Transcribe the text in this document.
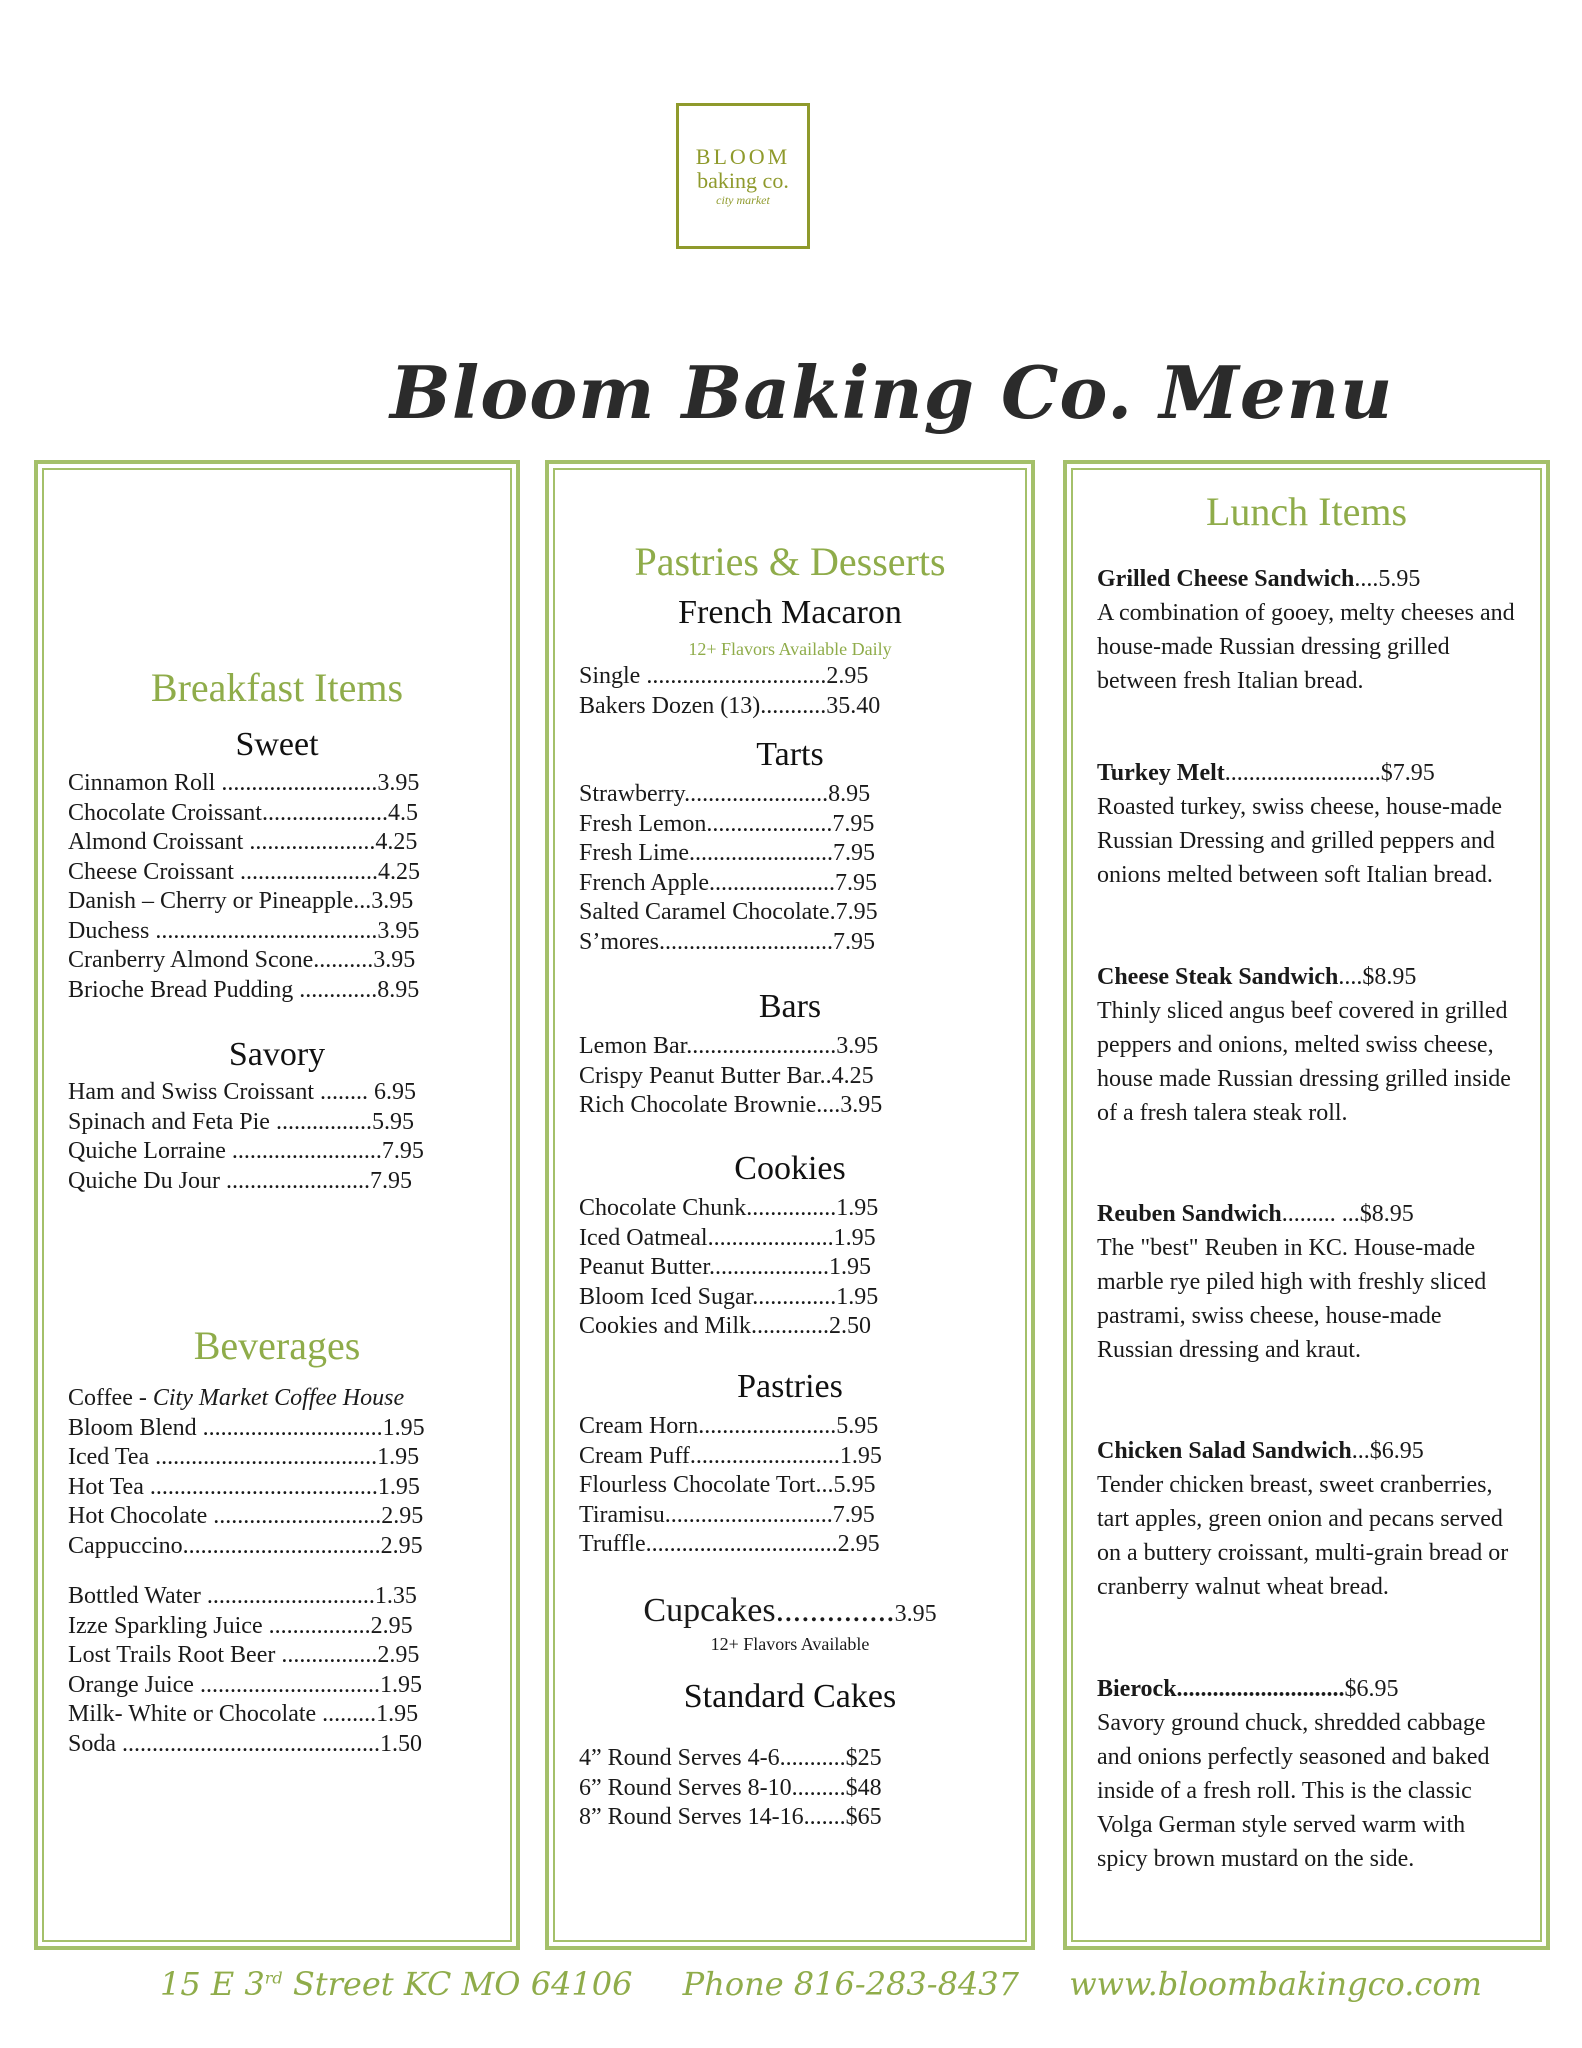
BLOOM
baking co.
city market
Bloom Baking Co. Menu
Breakfast Items
Sweet
Cinnamon Roll ..........................3.95
Chocolate Croissant.....................4.5
Almond Croissant .....................4.25
Cheese Croissant .......................4.25
Danish – Cherry or Pineapple...3.95
Duchess .....................................3.95
Cranberry Almond Scone..........3.95
Brioche Bread Pudding .............8.95
Savory
Ham and Swiss Croissant ........ 6.95
Spinach and Feta Pie ................5.95
Quiche Lorraine .........................7.95
Quiche Du Jour ........................7.95
Beverages
Coffee - City Market Coffee House
Bloom Blend ..............................1.95
Iced Tea .....................................1.95
Hot Tea ......................................1.95
Hot Chocolate ............................2.95
Cappuccino.................................2.95
Bottled Water ............................1.35
Izze Sparkling Juice .................2.95
Lost Trails Root Beer ................2.95
Orange Juice ..............................1.95
Milk- White or Chocolate .........1.95
Soda ...........................................1.50
Pastries & Desserts
French Macaron
12+ Flavors Available Daily
Single ..............................2.95
Bakers Dozen (13)...........35.40
Tarts
Strawberry........................8.95
Fresh Lemon.....................7.95
Fresh Lime........................7.95
French Apple.....................7.95
Salted Caramel Chocolate.7.95
S’mores.............................7.95
Bars
Lemon Bar.........................3.95
Crispy Peanut Butter Bar..4.25
Rich Chocolate Brownie....3.95
Cookies
Chocolate Chunk...............1.95
Iced Oatmeal.....................1.95
Peanut Butter....................1.95
Bloom Iced Sugar..............1.95
Cookies and Milk.............2.50
Pastries
Cream Horn.......................5.95
Cream Puff.........................1.95
Flourless Chocolate Tort...5.95
Tiramisu............................7.95
Truffle................................2.95
Cupcakes..............3.95
12+ Flavors Available
Standard Cakes
4” Round Serves 4-6...........$25
6” Round Serves 8-10.........$48
8” Round Serves 14-16.......$65
Lunch Items
Grilled Cheese Sandwich....5.95
A combination of gooey, melty cheeses and house-made Russian dressing grilled between fresh Italian bread.
Turkey Melt..........................$7.95
Roasted turkey, swiss cheese, house-made Russian Dressing and grilled peppers and onions melted between soft Italian bread.
Cheese Steak Sandwich....$8.95
Thinly sliced angus beef covered in grilled peppers and onions, melted swiss cheese, house made Russian dressing grilled inside of a fresh talera steak roll.
Reuben Sandwich......... ...$8.95
The "best" Reuben in KC. House-made marble rye piled high with freshly sliced pastrami, swiss cheese, house-made Russian dressing and kraut.
Chicken Salad Sandwich...$6.95
Tender chicken breast, sweet cranberries, tart apples, green onion and pecans served on a buttery croissant, multi-grain bread or cranberry walnut wheat bread.
Bierock............................$6.95
Savory ground chuck, shredded cabbage and onions perfectly seasoned and baked inside of a fresh roll. This is the classic Volga German style served warm with spicy brown mustard on the side.
15 E 3rd Street KC MO 64106 Phone 816-283-8437 www.bloombakingco.com
